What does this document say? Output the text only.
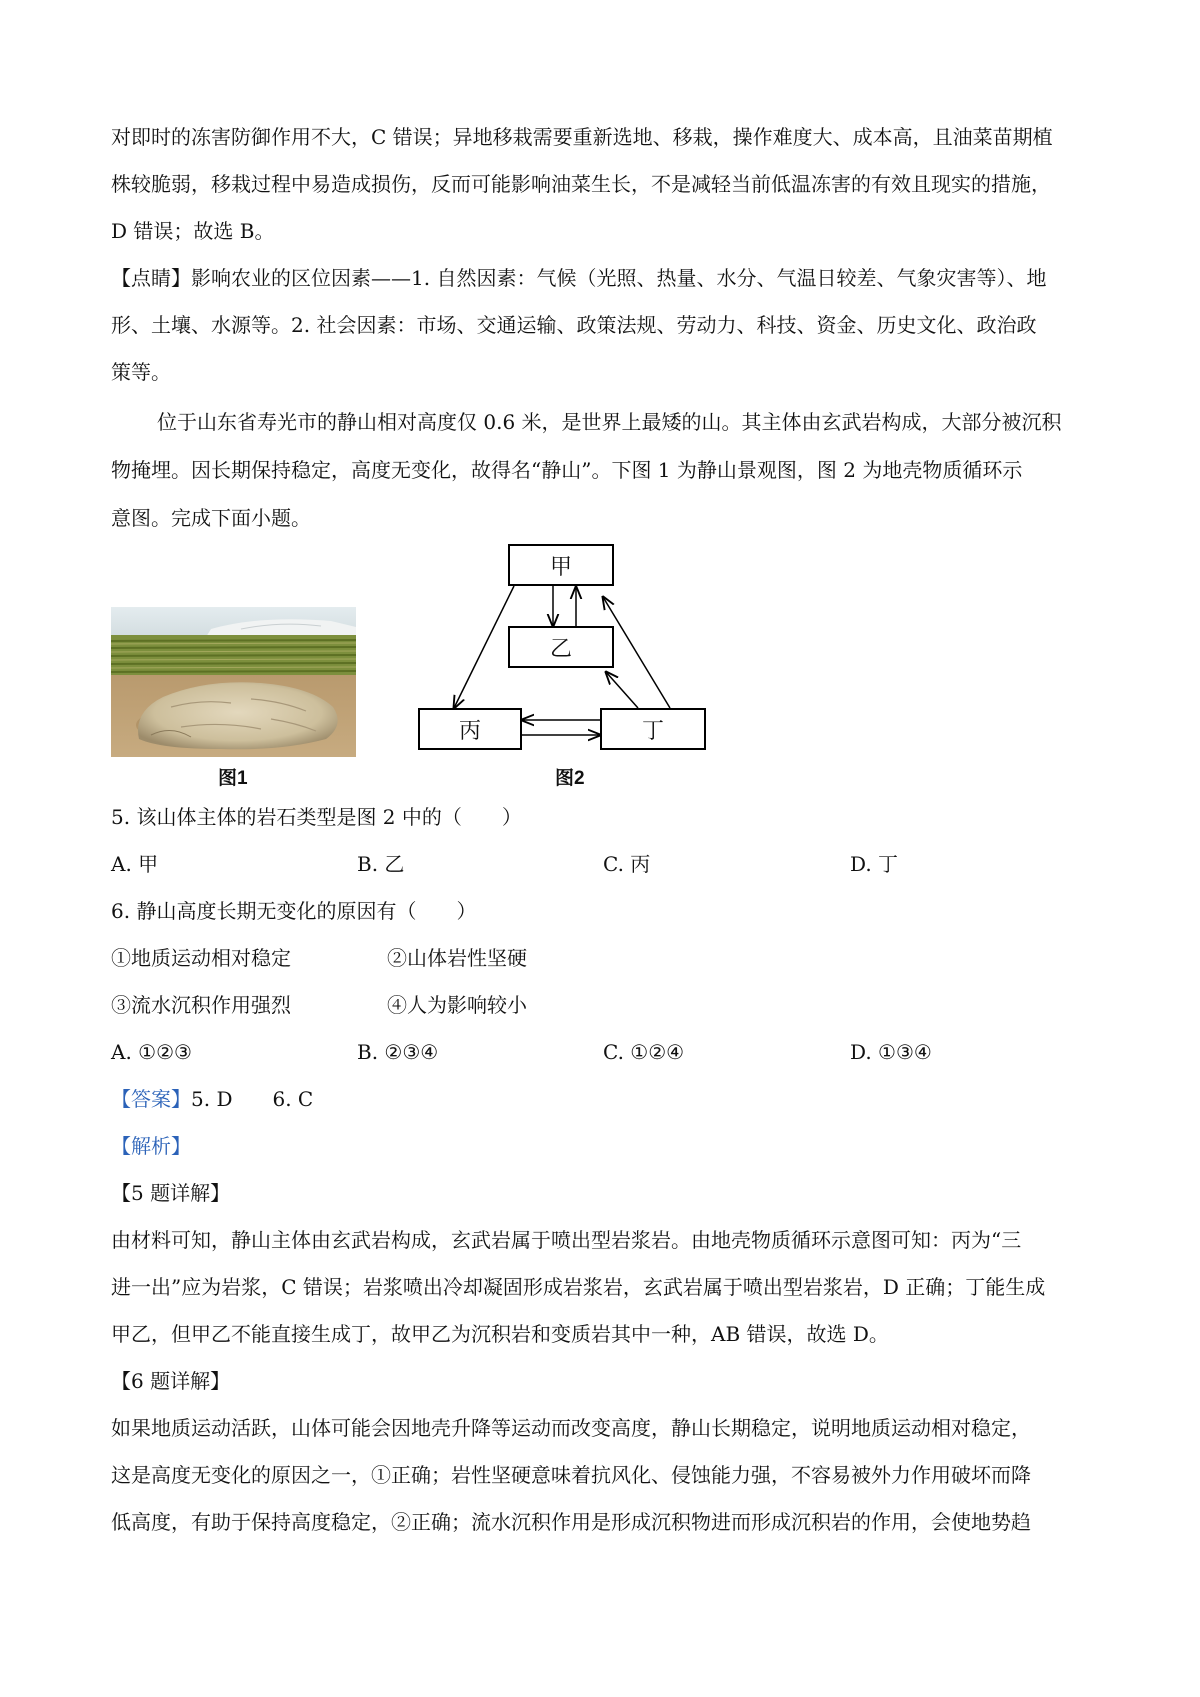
对即时的冻害防御作用不大，C 错误；异地移栽需要重新选地、移栽，操作难度大、成本高，且油菜苗期植
株较脆弱，移栽过程中易造成损伤，反而可能影响油菜生长，不是减轻当前低温冻害的有效且现实的措施，
D 错误；故选 B。
【点睛】影响农业的区位因素——1. 自然因素：气候（光照、热量、水分、气温日较差、气象灾害等）、地
形、土壤、水源等。2. 社会因素：市场、交通运输、政策法规、劳动力、科技、资金、历史文化、政治政
策等。
位于山东省寿光市的静山相对高度仅 0.6 米，是世界上最矮的山。其主体由玄武岩构成，大部分被沉积
物掩埋。因长期保持稳定，高度无变化，故得名“静山”。下图 1 为静山景观图，图 2 为地壳物质循环示
意图。完成下面小题。
图1
甲
乙
丙	丁
图2
5. 该山体主体的岩石类型是图 2 中的（　　）
A. 甲	B. 乙	C. 丙	D. 丁
6. 静山高度长期无变化的原因有（　　）
①地质运动相对稳定	②山体岩性坚硬
③流水沉积作用强烈	④人为影响较小
A. ①②③	B. ②③④	C. ①②④	D. ①③④
【答案】5. D　　6. C
【解析】
【5 题详解】
由材料可知，静山主体由玄武岩构成，玄武岩属于喷出型岩浆岩。由地壳物质循环示意图可知：丙为“三
进一出”应为岩浆，C 错误；岩浆喷出冷却凝固形成岩浆岩，玄武岩属于喷出型岩浆岩，D 正确；丁能生成
甲乙，但甲乙不能直接生成丁，故甲乙为沉积岩和变质岩其中一种，AB 错误，故选 D。
【6 题详解】
如果地质运动活跃，山体可能会因地壳升降等运动而改变高度，静山长期稳定，说明地质运动相对稳定，
这是高度无变化的原因之一，①正确；岩性坚硬意味着抗风化、侵蚀能力强，不容易被外力作用破坏而降
低高度，有助于保持高度稳定，②正确；流水沉积作用是形成沉积物进而形成沉积岩的作用，会使地势趋
